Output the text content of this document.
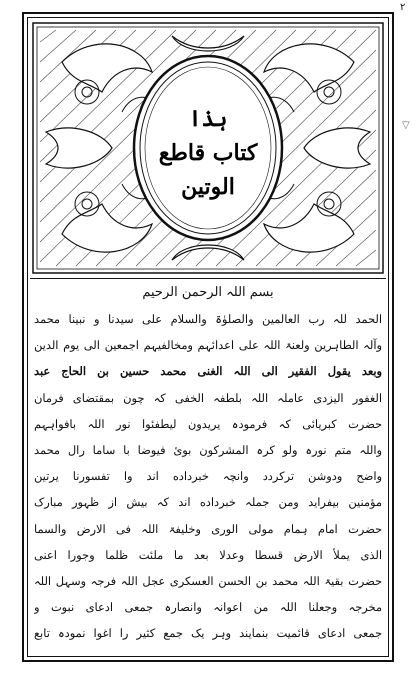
٢
▽
ہذا
کتاب قاطع
الوتین
بسم اللہ الرحمن الرحیم
الحمد للہ رب العالمین والصلوٰۃ والسلام علی سیدنا و نبینا محمد
وآلہ الطاہرین ولعنۃ اللہ علی اعدائہم ومخالفیہم اجمعین الی یوم الدین
وبعد یقول الفقیر الی اللہ الغنی محمد حسین بن الحاج عبد
الغفور الیزدی عاملہ اللہ بلطفہ الخفی کہ چون بمقتضای فرمان
حضرت کبریائی کہ فرمودہ یریدون لیطفئوا نور اللہ بافواہہم
واللہ متم نورہ ولو کرہ المشرکون بوئ فیوضا با ساما رال محمد
واضح ودوشن ترکردد وانچہ خبرداده اند وا تفسورنا یرتین
مؤمنین بیفراید ومن جملہ خبرداده اند کہ بیش از ظہور مبارک
حضرت امام ہمام مولی الوری وخلیفۃ اللہ فی الارض والسما
الذی یملأ الارض قسطا وعدلا بعد ما ملئت ظلما وجورا اعنی
حضرت بقیۃ اللہ محمد بن الحسن العسکری عجل اللہ فرجہ وسہل اللہ
مخرجہ وجعلنا اللہ من اعوانہ وانصارہ جمعی ادعای نبوت و
جمعی ادعای قائمیت بنمایند وہر یک جمع کثیر را اغوا نمودہ تابع
